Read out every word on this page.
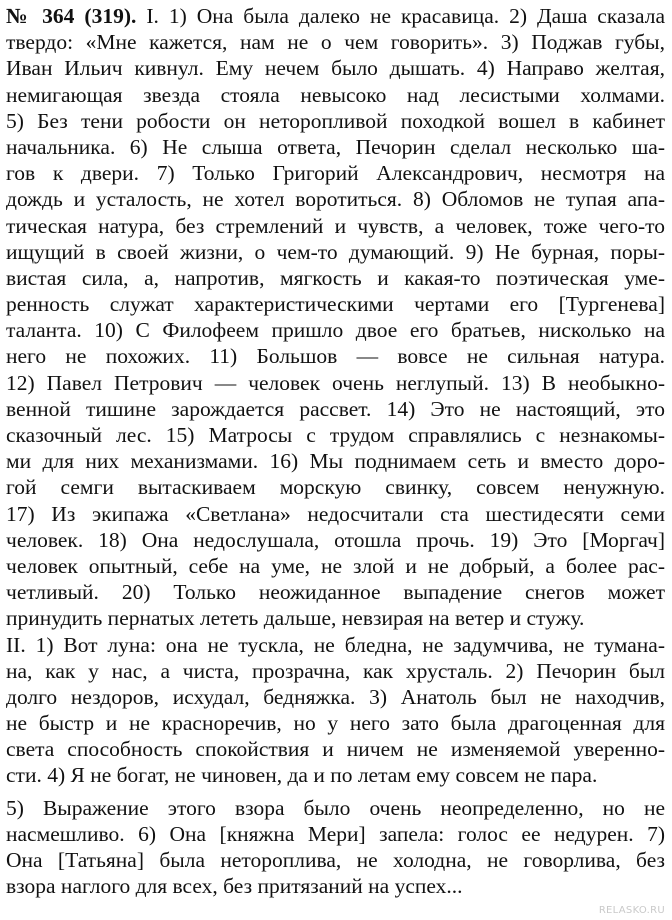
№ 364 (319). I. 1) Она была далеко не красавица. 2) Даша сказала
твердо: «Мне кажется, нам не о чем говорить». 3) Поджав губы,
Иван Ильич кивнул. Ему нечем было дышать. 4) Направо желтая,
немигающая звезда стояла невысоко над лесистыми холмами.
5) Без тени робости он неторопливой походкой вошел в кабинет
начальника. 6) Не слыша ответа, Печорин сделал несколько ша-
гов к двери. 7) Только Григорий Александрович, несмотря на
дождь и усталость, не хотел воротиться. 8) Обломов не тупая апа-
тическая натура, без стремлений и чувств, а человек, тоже чего-то
ищущий в своей жизни, о чем-то думающий. 9) Не бурная, поры-
вистая сила, а, напротив, мягкость и какая-то поэтическая уме-
ренность служат характеристическими чертами его [Тургенева]
таланта. 10) С Филофеем пришло двое его братьев, нисколько на
него не похожих. 11) Большов — вовсе не сильная натура.
12) Павел Петрович — человек очень неглупый. 13) В необыкно-
венной тишине зарождается рассвет. 14) Это не настоящий, это
сказочный лес. 15) Матросы с трудом справлялись с незнакомы-
ми для них механизмами. 16) Мы поднимаем сеть и вместо доро-
гой семги вытаскиваем морскую свинку, совсем ненужную.
17) Из экипажа «Светлана» недосчитали ста шестидесяти семи
человек. 18) Она недослушала, отошла прочь. 19) Это [Моргач]
человек опытный, себе на уме, не злой и не добрый, а более рас-
четливый. 20) Только неожиданное выпадение снегов может
принудить пернатых лететь дальше, невзирая на ветер и стужу.
II. 1) Вот луна: она не тускла, не бледна, не задумчива, не тумана-
на, как у нас, а чиста, прозрачна, как хрусталь. 2) Печорин был
долго нездоров, исхудал, бедняжка. 3) Анатоль был не находчив,
не быстр и не красноречив, но у него зато была драгоценная для
света способность спокойствия и ничем не изменяемой уверенно-
сти. 4) Я не богат, не чиновен, да и по летам ему совсем не пара.
5) Выражение этого взора было очень неопределенно, но не
насмешливо. 6) Она [княжна Мери] запела: голос ее недурен. 7)
Она [Татьяна] была нетороплива, не холодна, не говорлива, без
взора наглого для всех, без притязаний на успех...
RELASKO.RU
